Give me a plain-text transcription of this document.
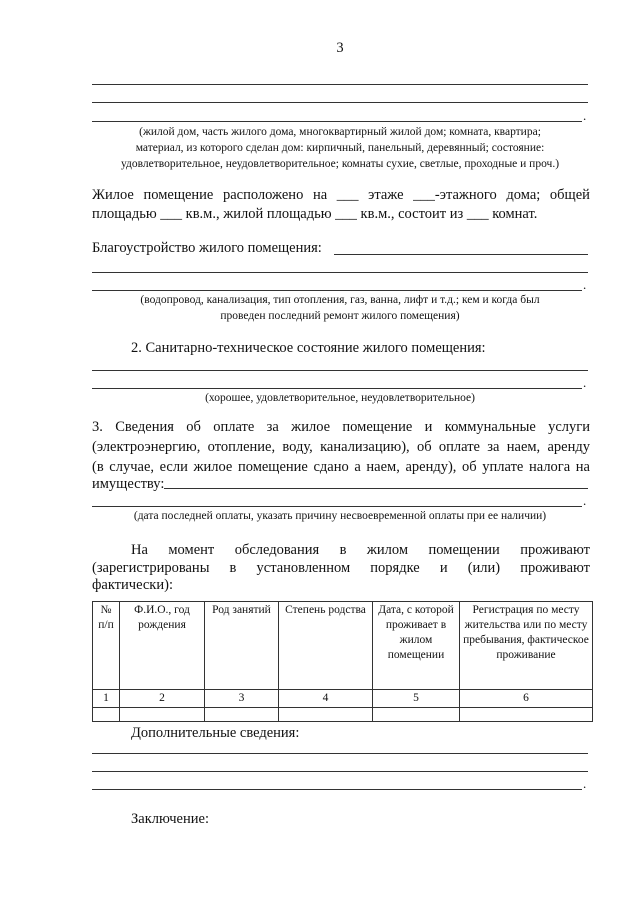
3
.
(жилой дом, часть жилого дома, многоквартирный жилой дом; комната, квартира;
материал, из которого сделан дом: кирпичный, панельный, деревянный; состояние:
удовлетворительное, неудовлетворительное; комнаты сухие, светлые, проходные и проч.)
Жилое помещение расположено на ___ этаже ___-этажного дома; общей
площадью ___ кв.м., жилой площадью ___ кв.м., состоит из ___ комнат.
Благоустройство жилого помещения:
.
(водопровод, канализация, тип отопления, газ, ванна, лифт и т.д.; кем и когда был
проведен последний ремонт жилого помещения)
2. Санитарно-техническое состояние жилого помещения:
.
(хорошее, удовлетворительное, неудовлетворительное)
3. Сведения об оплате за жилое помещение и коммунальные услуги
(электроэнергию, отопление, воду, канализацию), об оплате за наем, аренду
(в случае, если жилое помещение сдано а наем, аренду), об уплате налога на
имуществу:
.
(дата последней оплаты, указать причину несвоевременной оплаты при ее наличии)
На момент обследования в жилом помещении проживают
(зарегистрированы в установленном порядке и (или) проживают
фактически):
№ п/п	Ф.И.О., год рождения	Род занятий	Степень родства	Дата, с которой проживает в жилом помещении	Регистрация по месту жительства или по месту пребывания, фактическое проживание
1	2	3	4	5	6

Дополнительные сведения:
.
Заключение:
